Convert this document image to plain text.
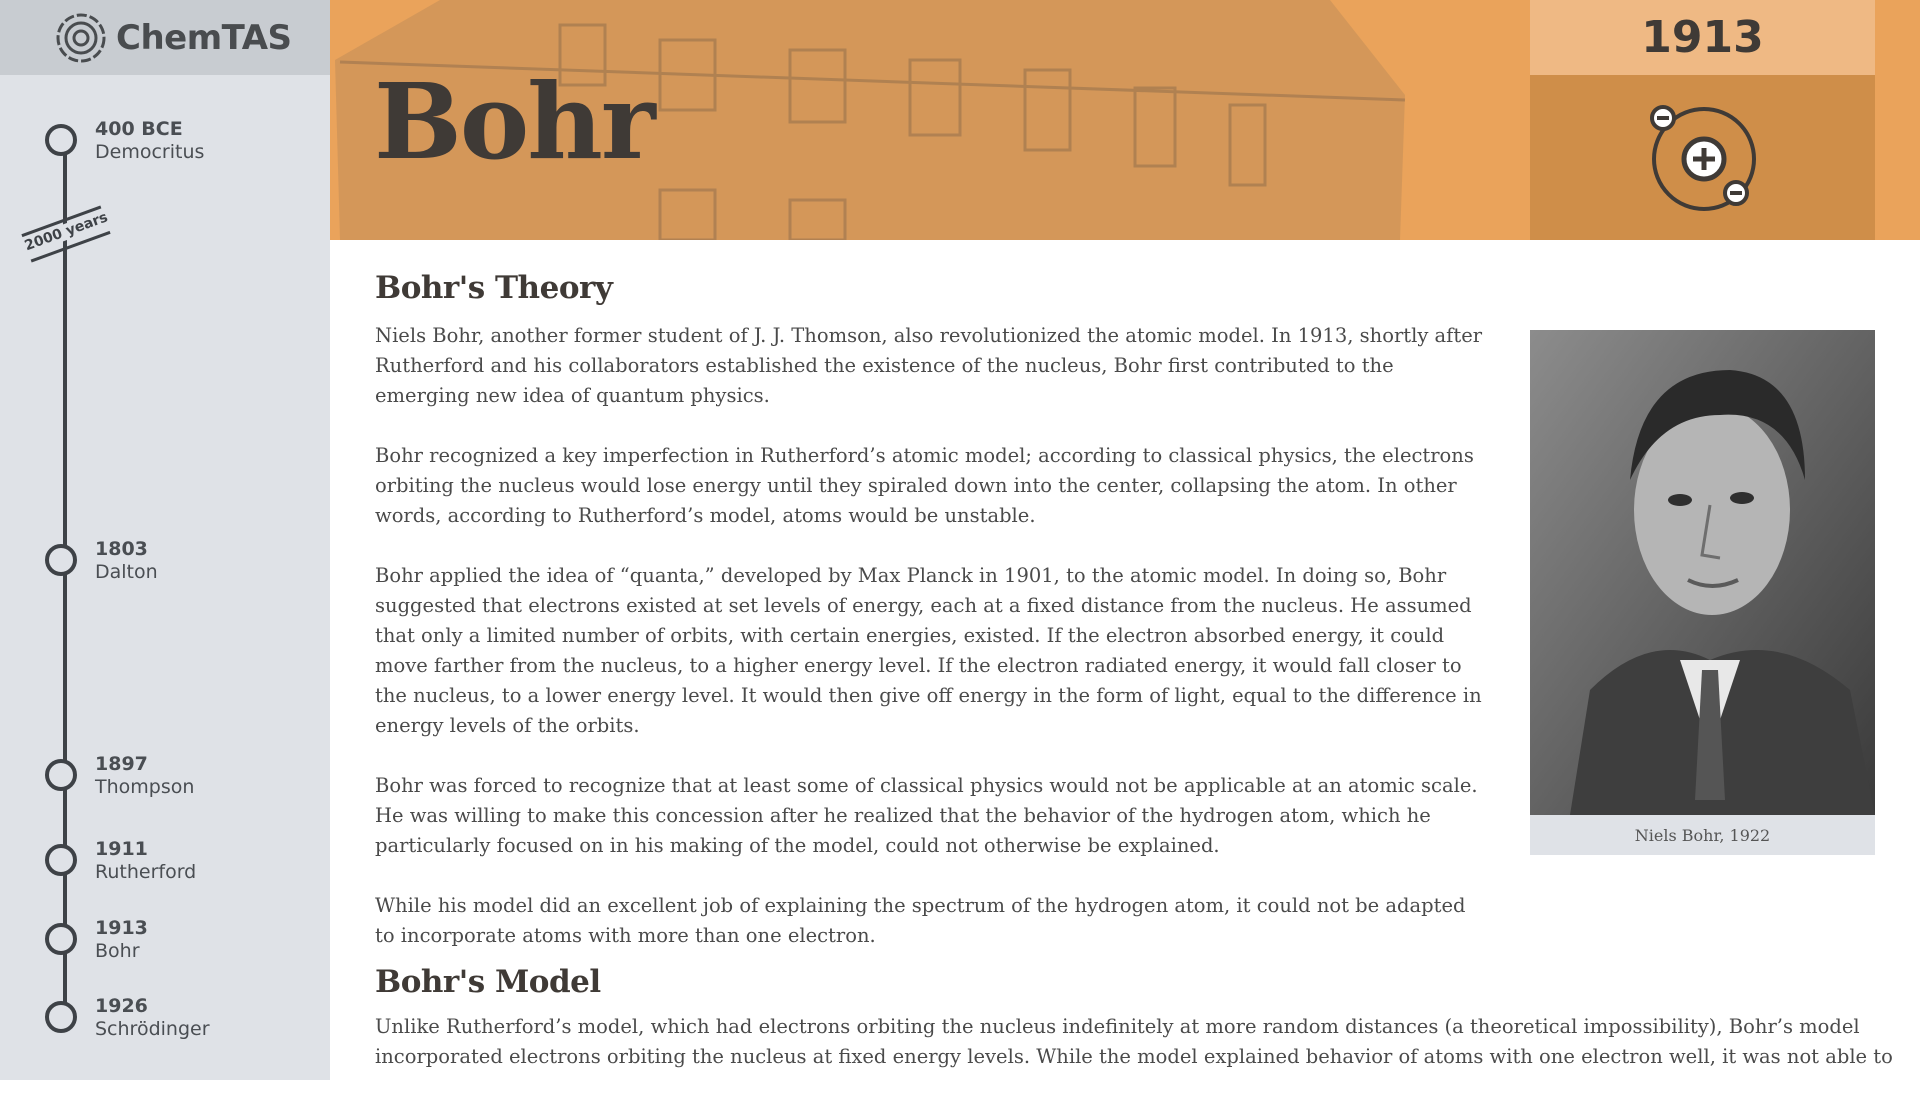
ChemTAS
2000 years
400 BCE
Democritus
1803
Dalton
1897
Thompson
1911
Rutherford
1913
Bohr
1926
Schrödinger
Bohr
1913
Bohr's Theory

Niels Bohr, another former student of J. J. Thomson, also revolutionized the atomic model. In 1913, shortly after Rutherford and his collaborators established the existence of the nucleus, Bohr first contributed to the emerging new idea of quantum physics.

Bohr recognized a key imperfection in Rutherford’s atomic model; according to classical physics, the electrons orbiting the nucleus would lose energy until they spiraled down into the center, collapsing the atom. In other words, according to Rutherford’s model, atoms would be unstable.

Bohr applied the idea of “quanta,” developed by Max Planck in 1901, to the atomic model. In doing so, Bohr suggested that electrons existed at set levels of energy, each at a fixed distance from the nucleus. He assumed that only a limited number of orbits, with certain energies, existed. If the electron absorbed energy, it could move farther from the nucleus, to a higher energy level. If the electron radiated energy, it would fall closer to the nucleus, to a lower energy level. It would then give off energy in the form of light, equal to the difference in energy levels of the orbits.

Bohr was forced to recognize that at least some of classical physics would not be applicable at an atomic scale. He was willing to make this concession after he realized that the behavior of the hydrogen atom, which he particularly focused on in his making of the model, could not otherwise be explained.

While his model did an excellent job of explaining the spectrum of the hydrogen atom, it could not be adapted to incorporate atoms with more than one electron.

Bohr's Model

Unlike Rutherford’s model, which had electrons orbiting the nucleus indefinitely at more random distances (a theoretical impossibility), Bohr’s model incorporated electrons orbiting the nucleus at fixed energy levels. While the model explained behavior of atoms with one electron well, it was not able to

Niels Bohr, 1922
